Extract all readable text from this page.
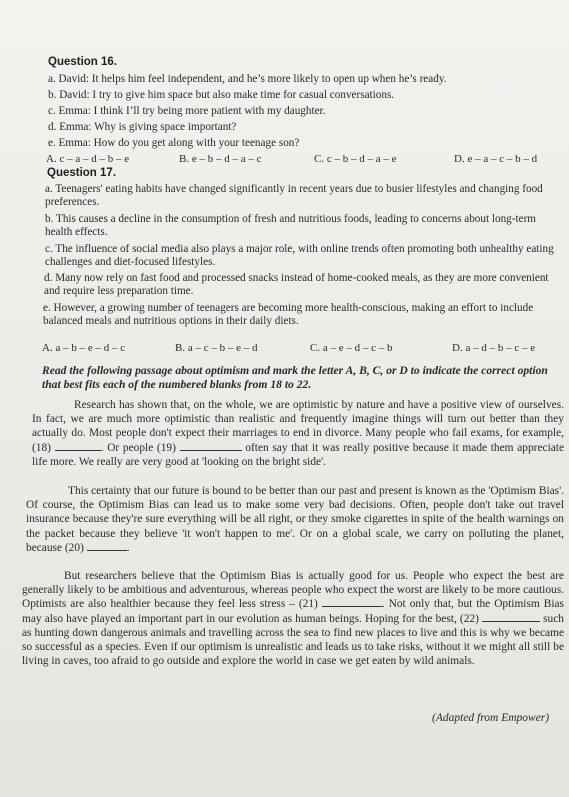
Question 16.
a. David: It helps him feel independent, and he’s more likely to open up when he’s ready.
b. David: I try to give him space but also make time for casual conversations.
c. Emma: I think I’ll try being more patient with my daughter.
d. Emma: Why is giving space important?
e. Emma: How do you get along with your teenage son?
A. c – a – d – b – e	B. e – b – d – a – c	C. c – b – d – a – e	D. e – a – c – b – d
Question 17.
a. Teenagers' eating habits have changed significantly in recent years due to busier lifestyles and changing food preferences.
b. This causes a decline in the consumption of fresh and nutritious foods, leading to concerns about long-term health effects.
c. The influence of social media also plays a major role, with online trends often promoting both unhealthy eating challenges and diet-focused lifestyles.
d. Many now rely on fast food and processed snacks instead of home-cooked meals, as they are more convenient and require less preparation time.
e. However, a growing number of teenagers are becoming more health-conscious, making an effort to include balanced meals and nutritious options in their daily diets.
A. a – b – e – d – c	B. a – c – b – e – d	C. a – e – d – c – b	D. a – d – b – c – e
Read the following passage about optimism and mark the letter A, B, C, or D to indicate the correct option that best fits each of the numbered blanks from 18 to 22.
Research has shown that, on the whole, we are optimistic by nature and have a positive view of ourselves. In fact, we are much more optimistic than realistic and frequently imagine things will turn out better than they actually do. Most people don't expect their marriages to end in divorce. Many people who fail exams, for example, (18)	. Or people (19)	often say that it was really positive because it made them appreciate life more. We really are very good at 'looking on the bright side'.
This certainty that our future is bound to be better than our past and present is known as the 'Optimism Bias'. Of course, the Optimism Bias can lead us to make some very bad decisions. Often, people don't take out travel insurance because they're sure everything will be all right, or they smoke cigarettes in spite of the health warnings on the packet because they believe 'it won't happen to me'. Or on a global scale, we carry on polluting the planet, because (20)	.
But researchers believe that the Optimism Bias is actually good for us. People who expect the best are generally likely to be ambitious and adventurous, whereas people who expect the worst are likely to be more cautious. Optimists are also healthier because they feel less stress – (21)	. Not only that, but the Optimism Bias may also have played an important part in our evolution as human beings. Hoping for the best, (22)	such as hunting down dangerous animals and travelling across the sea to find new places to live and this is why we became so successful as a species. Even if our optimism is unrealistic and leads us to take risks, without it we might all still be living in caves, too afraid to go outside and explore the world in case we get eaten by wild animals.
(Adapted from Empower)
